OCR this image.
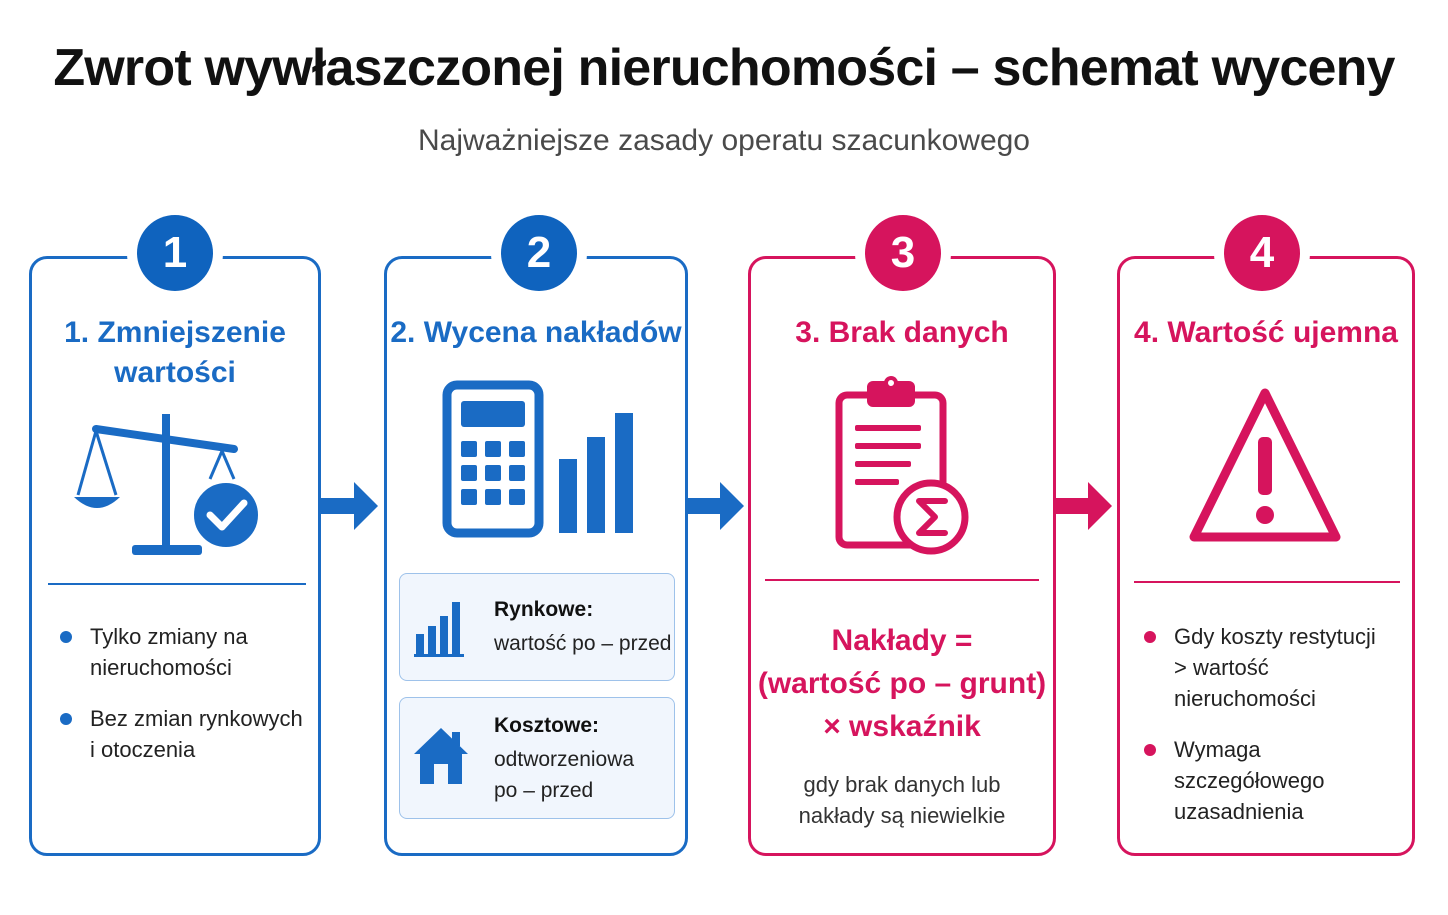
Zwrot wywłaszczonej nieruchomości – schemat wyceny
Najważniejsze zasady operatu szacunkowego
1
1. Zmniejszenie
wartości
Tylko zmiany na
nieruchomości
Bez zmian rynkowych
i otoczenia
2
2. Wycena nakładów
Rynkowe:
wartość po – przed
Kosztowe:
odtworzeniowa
po – przed
3
3. Brak danych
Nakłady =
(wartość po – grunt)
× wskaźnik
gdy brak danych lub
nakłady są niewielkie
4
4. Wartość ujemna
Gdy koszty restytucji
> wartość
nieruchomości
Wymaga
szczegółowego
uzasadnienia
